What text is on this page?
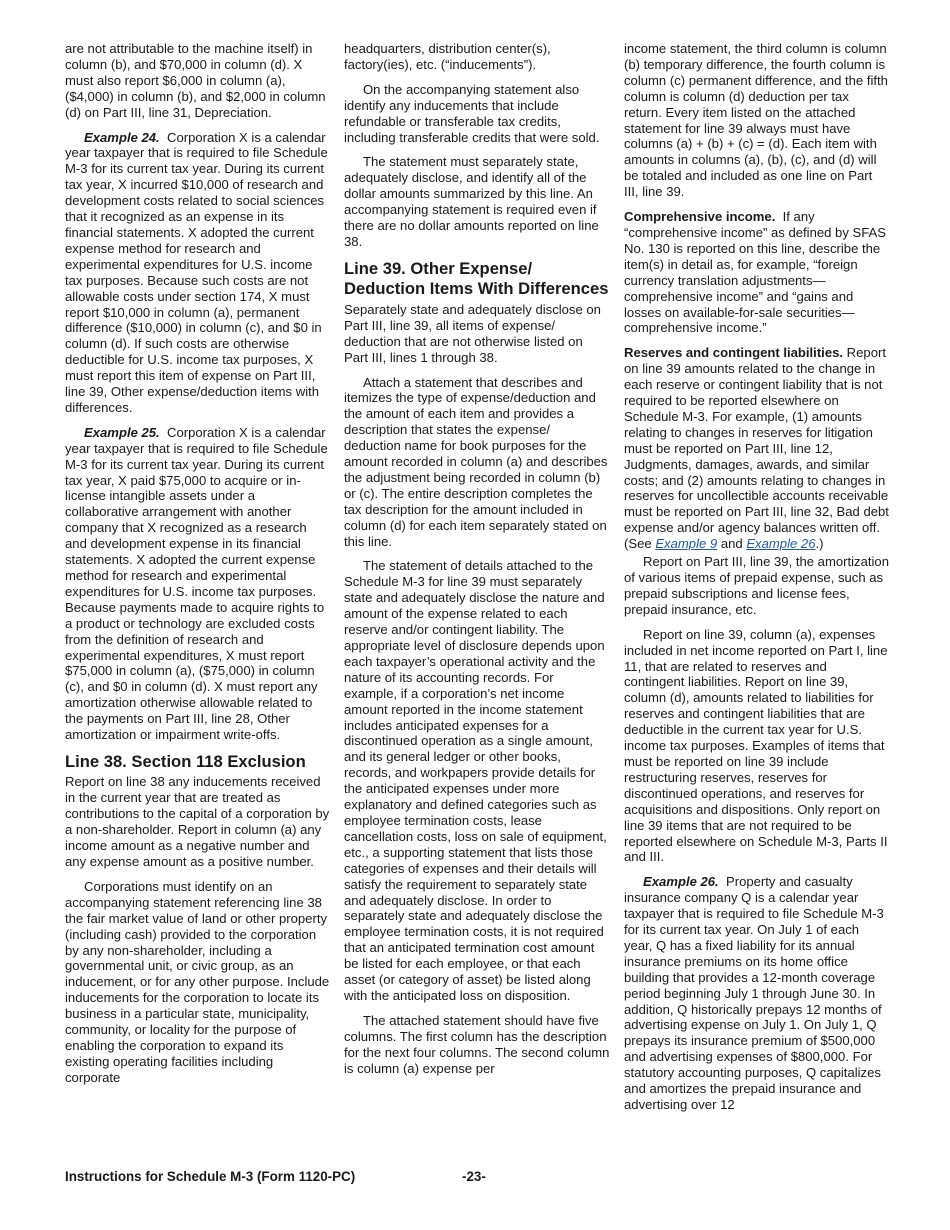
are not attributable to the machine itself) in column (b), and $70,000 in column (d). X must also report $6,000 in column (a), ($4,000) in column (b), and $2,000 in column (d) on Part III, line 31, Depreciation.

Example 24. Corporation X is a calendar year taxpayer that is required to file Schedule M-3 for its current tax year. During its current tax year, X incurred $10,000 of research and development costs related to social sciences that it recognized as an expense in its financial statements. X adopted the current expense method for research and experimental expenditures for U.S. income tax purposes. Because such costs are not allowable costs under section 174, X must report $10,000 in column (a), permanent difference ($10,000) in column (c), and $0 in column (d). If such costs are otherwise deductible for U.S. income tax purposes, X must report this item of expense on Part III, line 39, Other expense/deduction items with differences.

Example 25. Corporation X is a calendar year taxpayer that is required to file Schedule M-3 for its current tax year. During its current tax year, X paid $75,000 to acquire or in-license intangible assets under a collaborative arrangement with another company that X recognized as a research and development expense in its financial statements. X adopted the current expense method for research and experimental expenditures for U.S. income tax purposes. Because payments made to acquire rights to a product or technology are excluded costs from the definition of research and experimental expenditures, X must report $75,000 in column (a), ($75,000) in column (c), and $0 in column (d). X must report any amortization otherwise allowable related to the payments on Part III, line 28, Other amortization or impairment write-offs.

Line 38. Section 118 Exclusion

Report on line 38 any inducements received in the current year that are treated as contributions to the capital of a corporation by a non-shareholder. Report in column (a) any income amount as a negative number and any expense amount as a positive number.

Corporations must identify on an accompanying statement referencing line 38 the fair market value of land or other property (including cash) provided to the corporation by any non-shareholder, including a governmental unit, or civic group, as an inducement, or for any other purpose. Include inducements for the corporation to locate its business in a particular state, municipality, community, or locality for the purpose of enabling the corporation to expand its existing operating facilities including corporate

headquarters, distribution center(s), factory(ies), etc. (“inducements”).

On the accompanying statement also identify any inducements that include refundable or transferable tax credits, including transferable credits that were sold.

The statement must separately state, adequately disclose, and identify all of the dollar amounts summarized by this line. An accompanying statement is required even if there are no dollar amounts reported on line 38.

Line 39. Other Expense/ Deduction Items With Differences

Separately state and adequately disclose on Part III, line 39, all items of expense/ deduction that are not otherwise listed on Part III, lines 1 through 38.

Attach a statement that describes and itemizes the type of expense/deduction and the amount of each item and provides a description that states the expense/ deduction name for book purposes for the amount recorded in column (a) and describes the adjustment being recorded in column (b) or (c). The entire description completes the tax description for the amount included in column (d) for each item separately stated on this line.

The statement of details attached to the Schedule M-3 for line 39 must separately state and adequately disclose the nature and amount of the expense related to each reserve and/or contingent liability. The appropriate level of disclosure depends upon each taxpayer’s operational activity and the nature of its accounting records. For example, if a corporation’s net income amount reported in the income statement includes anticipated expenses for a discontinued operation as a single amount, and its general ledger or other books, records, and workpapers provide details for the anticipated expenses under more explanatory and defined categories such as employee termination costs, lease cancellation costs, loss on sale of equipment, etc., a supporting statement that lists those categories of expenses and their details will satisfy the requirement to separately state and adequately disclose. In order to separately state and adequately disclose the employee termination costs, it is not required that an anticipated termination cost amount be listed for each employee, or that each asset (or category of asset) be listed along with the anticipated loss on disposition.

The attached statement should have five columns. The first column has the description for the next four columns. The second column is column (a) expense per

income statement, the third column is column (b) temporary difference, the fourth column is column (c) permanent difference, and the fifth column is column (d) deduction per tax return. Every item listed on the attached statement for line 39 always must have columns (a) + (b) + (c) = (d). Each item with amounts in columns (a), (b), (c), and (d) will be totaled and included as one line on Part III, line 39.

Comprehensive income. If any “comprehensive income” as defined by SFAS No. 130 is reported on this line, describe the item(s) in detail as, for example, “foreign currency translation adjustments—comprehensive income” and “gains and losses on available-for-sale securities—comprehensive income.”

Reserves and contingent liabilities. Report on line 39 amounts related to the change in each reserve or contingent liability that is not required to be reported elsewhere on Schedule M-3. For example, (1) amounts relating to changes in reserves for litigation must be reported on Part III, line 12, Judgments, damages, awards, and similar costs; and (2) amounts relating to changes in reserves for uncollectible accounts receivable must be reported on Part III, line 32, Bad debt expense and/or agency balances written off. (See Example 9 and Example 26.)

Report on Part III, line 39, the amortization of various items of prepaid expense, such as prepaid subscriptions and license fees, prepaid insurance, etc.

Report on line 39, column (a), expenses included in net income reported on Part I, line 11, that are related to reserves and contingent liabilities. Report on line 39, column (d), amounts related to liabilities for reserves and contingent liabilities that are deductible in the current tax year for U.S. income tax purposes. Examples of items that must be reported on line 39 include restructuring reserves, reserves for discontinued operations, and reserves for acquisitions and dispositions. Only report on line 39 items that are not required to be reported elsewhere on Schedule M-3, Parts II and III.

Example 26. Property and casualty insurance company Q is a calendar year taxpayer that is required to file Schedule M-3 for its current tax year. On July 1 of each year, Q has a fixed liability for its annual insurance premiums on its home office building that provides a 12-month coverage period beginning July 1 through June 30. In addition, Q historically prepays 12 months of advertising expense on July 1. On July 1, Q prepays its insurance premium of $500,000 and advertising expenses of $800,000. For statutory accounting purposes, Q capitalizes and amortizes the prepaid insurance and advertising over 12

Instructions for Schedule M-3 (Form 1120-PC)	-23-
